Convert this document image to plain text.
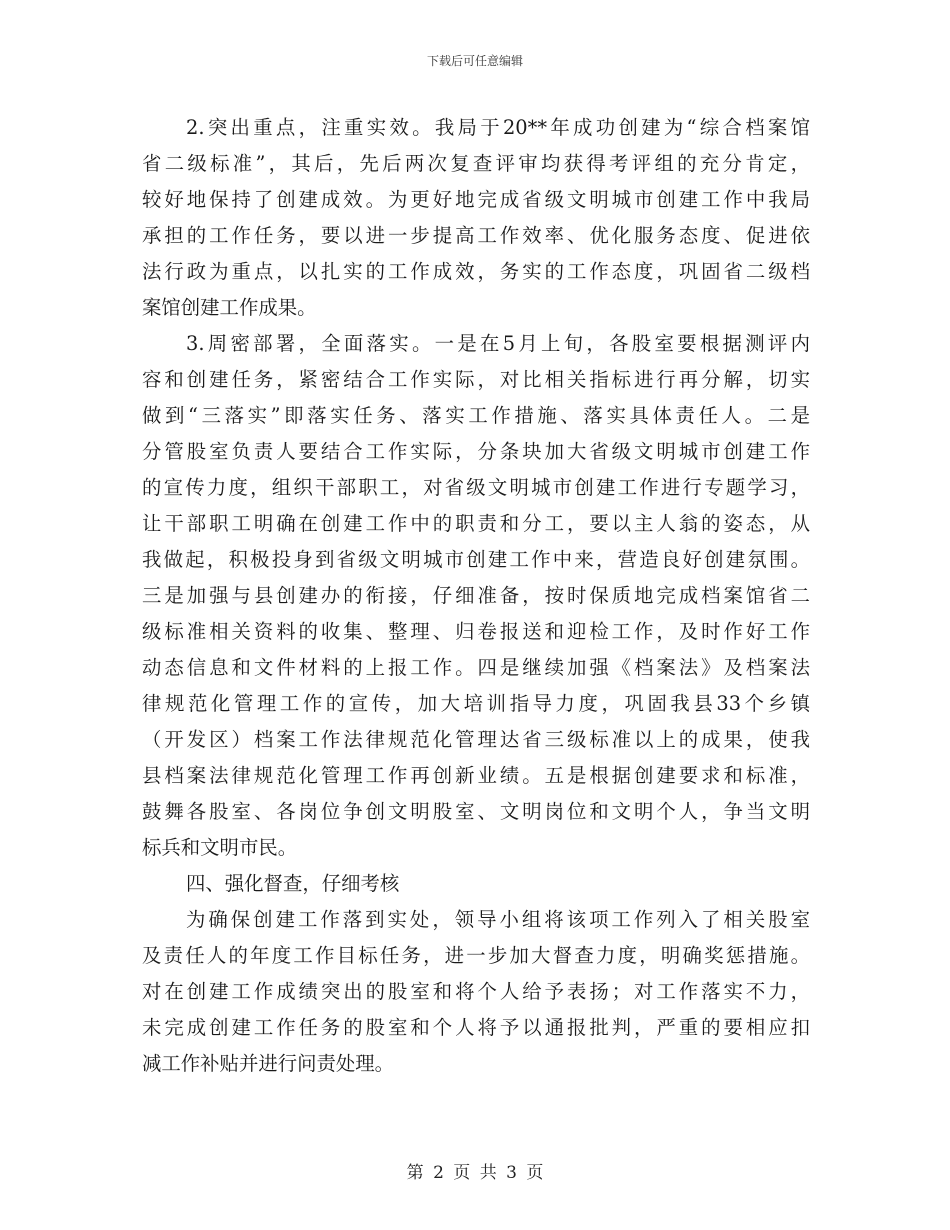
下载后可任意编辑
2.突出重点，注重实效。我局于20**年成功创建为“综合档案馆
省二级标准”，其后，先后两次复查评审均获得考评组的充分肯定，
较好地保持了创建成效。为更好地完成省级文明城市创建工作中我局
承担的工作任务，要以进一步提高工作效率、优化服务态度、促进依
法行政为重点，以扎实的工作成效，务实的工作态度，巩固省二级档
案馆创建工作成果。
3.周密部署，全面落实。一是在5月上旬，各股室要根据测评内
容和创建任务，紧密结合工作实际，对比相关指标进行再分解，切实
做到“三落实”即落实任务、落实工作措施、落实具体责任人。二是
分管股室负责人要结合工作实际，分条块加大省级文明城市创建工作
的宣传力度，组织干部职工，对省级文明城市创建工作进行专题学习，
让干部职工明确在创建工作中的职责和分工，要以主人翁的姿态，从
我做起，积极投身到省级文明城市创建工作中来，营造良好创建氛围。
三是加强与县创建办的衔接，仔细准备，按时保质地完成档案馆省二
级标准相关资料的收集、整理、归卷报送和迎检工作，及时作好工作
动态信息和文件材料的上报工作。四是继续加强《档案法》及档案法
律规范化管理工作的宣传，加大培训指导力度，巩固我县33个乡镇
（开发区）档案工作法律规范化管理达省三级标准以上的成果，使我
县档案法律规范化管理工作再创新业绩。五是根据创建要求和标准，
鼓舞各股室、各岗位争创文明股室、文明岗位和文明个人，争当文明
标兵和文明市民。
四、强化督查，仔细考核
为确保创建工作落到实处，领导小组将该项工作列入了相关股室
及责任人的年度工作目标任务，进一步加大督查力度，明确奖惩措施。
对在创建工作成绩突出的股室和将个人给予表扬；对工作落实不力，
未完成创建工作任务的股室和个人将予以通报批判，严重的要相应扣
减工作补贴并进行问责处理。
第 2 页 共 3 页
